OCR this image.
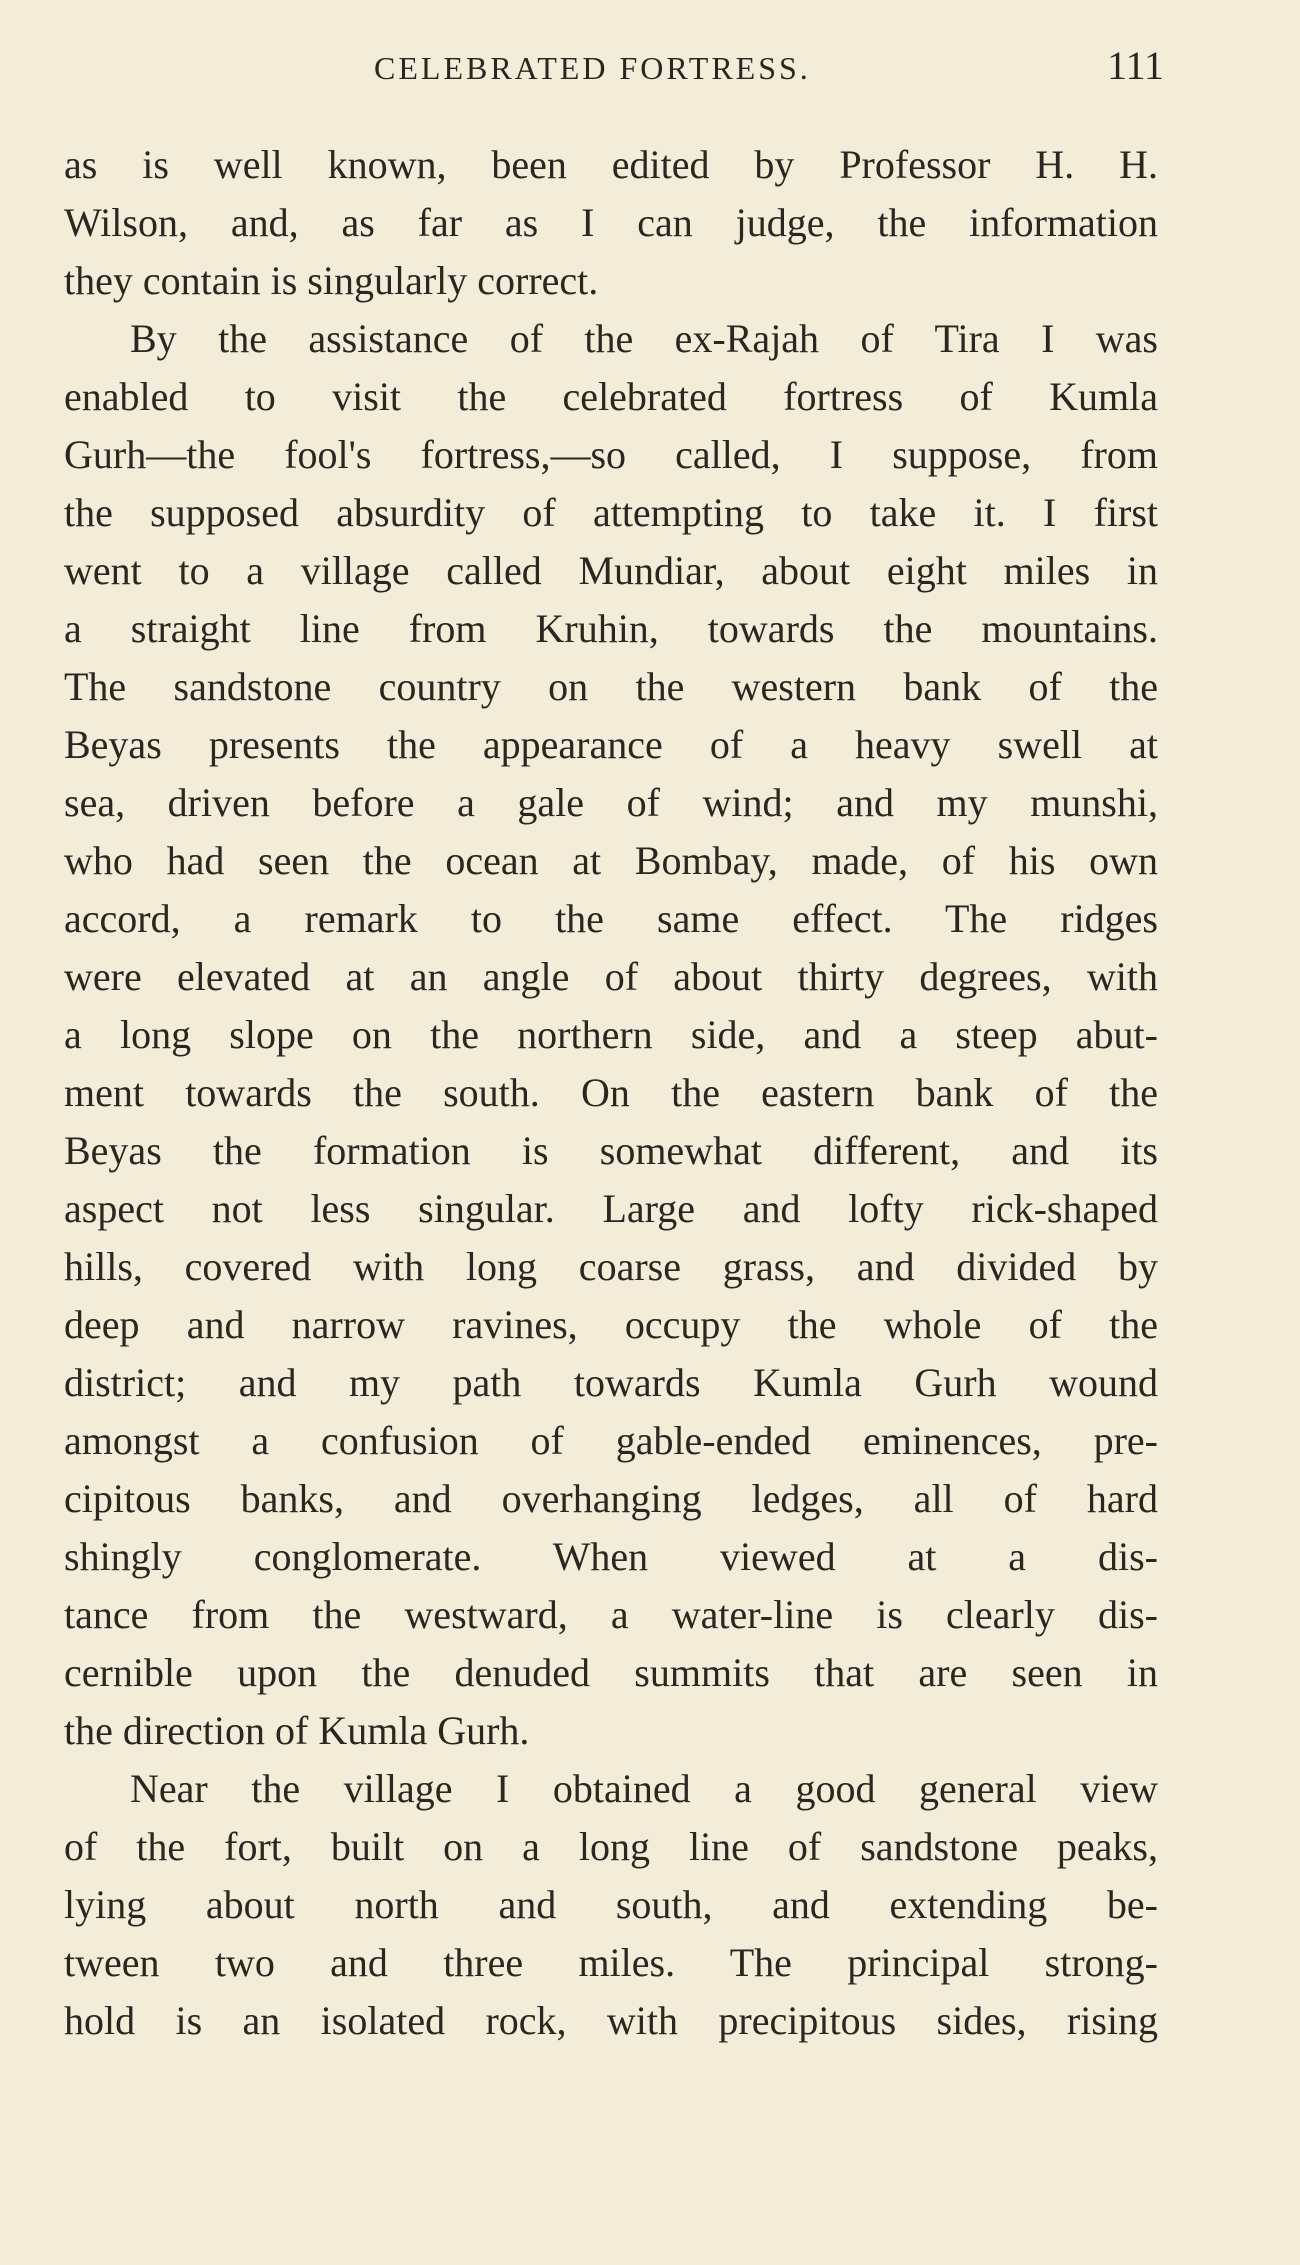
CELEBRATED FORTRESS.	111
as is well known, been edited by Professor H. H.
Wilson, and, as far as I can judge, the information
they contain is singularly correct.
By the assistance of the ex-Rajah of Tira I was
enabled to visit the celebrated fortress of Kumla
Gurh—the fool's fortress,—so called, I suppose, from
the supposed absurdity of attempting to take it. I first
went to a village called Mundiar, about eight miles in
a straight line from Kruhin, towards the mountains.
The sandstone country on the western bank of the
Beyas presents the appearance of a heavy swell at
sea, driven before a gale of wind; and my munshi,
who had seen the ocean at Bombay, made, of his own
accord, a remark to the same effect. The ridges
were elevated at an angle of about thirty degrees, with
a long slope on the northern side, and a steep abut-
ment towards the south. On the eastern bank of the
Beyas the formation is somewhat different, and its
aspect not less singular. Large and lofty rick-shaped
hills, covered with long coarse grass, and divided by
deep and narrow ravines, occupy the whole of the
district; and my path towards Kumla Gurh wound
amongst a confusion of gable-ended eminences, pre-
cipitous banks, and overhanging ledges, all of hard
shingly conglomerate. When viewed at a dis-
tance from the westward, a water-line is clearly dis-
cernible upon the denuded summits that are seen in
the direction of Kumla Gurh.
Near the village I obtained a good general view
of the fort, built on a long line of sandstone peaks,
lying about north and south, and extending be-
tween two and three miles. The principal strong-
hold is an isolated rock, with precipitous sides, rising
